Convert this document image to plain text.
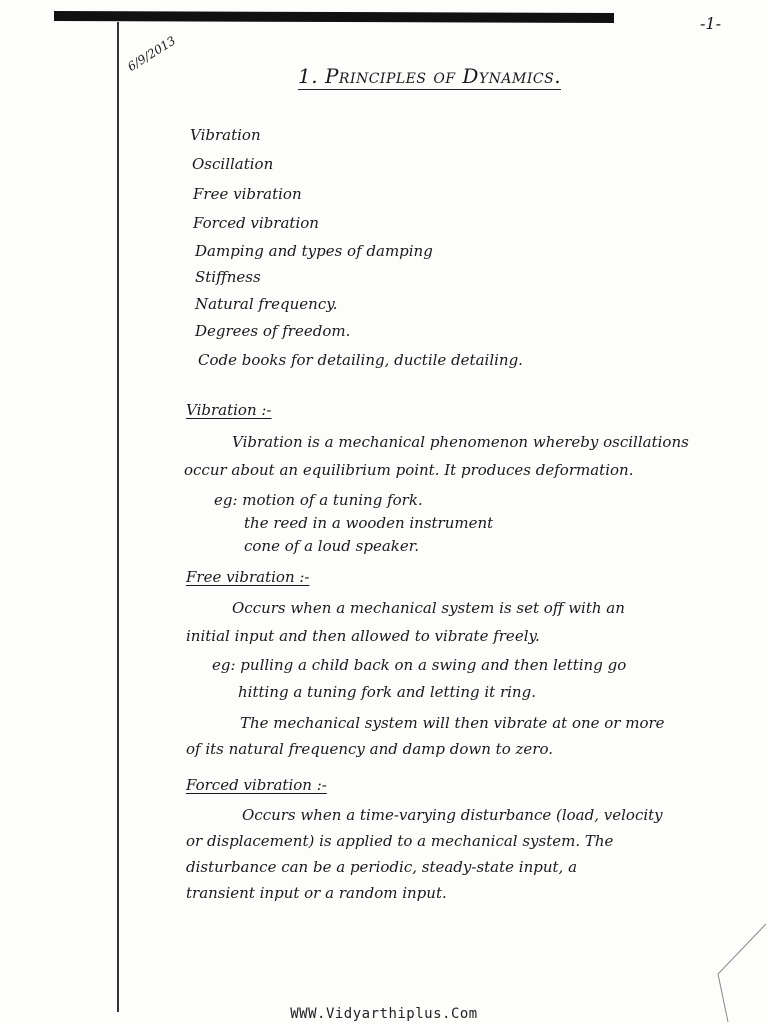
-1-
6/9/2013
1. Principles of Dynamics.
Vibration
Oscillation
Free vibration
Forced vibration
Damping and types of damping
Stiffness
Natural frequency.
Degrees of freedom.
Code books for detailing, ductile detailing.
Vibration :-
Vibration is a mechanical phenomenon whereby oscillations
occur about an equilibrium point. It produces deformation.
eg: motion of a tuning fork.
the reed in a wooden instrument
cone of a loud speaker.
Free vibration :-
Occurs when a mechanical system is set off with an
initial input and then allowed to vibrate freely.
eg: pulling a child back on a swing and then letting go
hitting a tuning fork and letting it ring.
The mechanical system will then vibrate at one or more
of its natural frequency and damp down to zero.
Forced vibration :-
Occurs when a time-varying disturbance (load, velocity
or displacement) is applied to a mechanical system. The
disturbance can be a periodic, steady-state input, a
transient input or a random input.
WWW.Vidyarthiplus.Com
